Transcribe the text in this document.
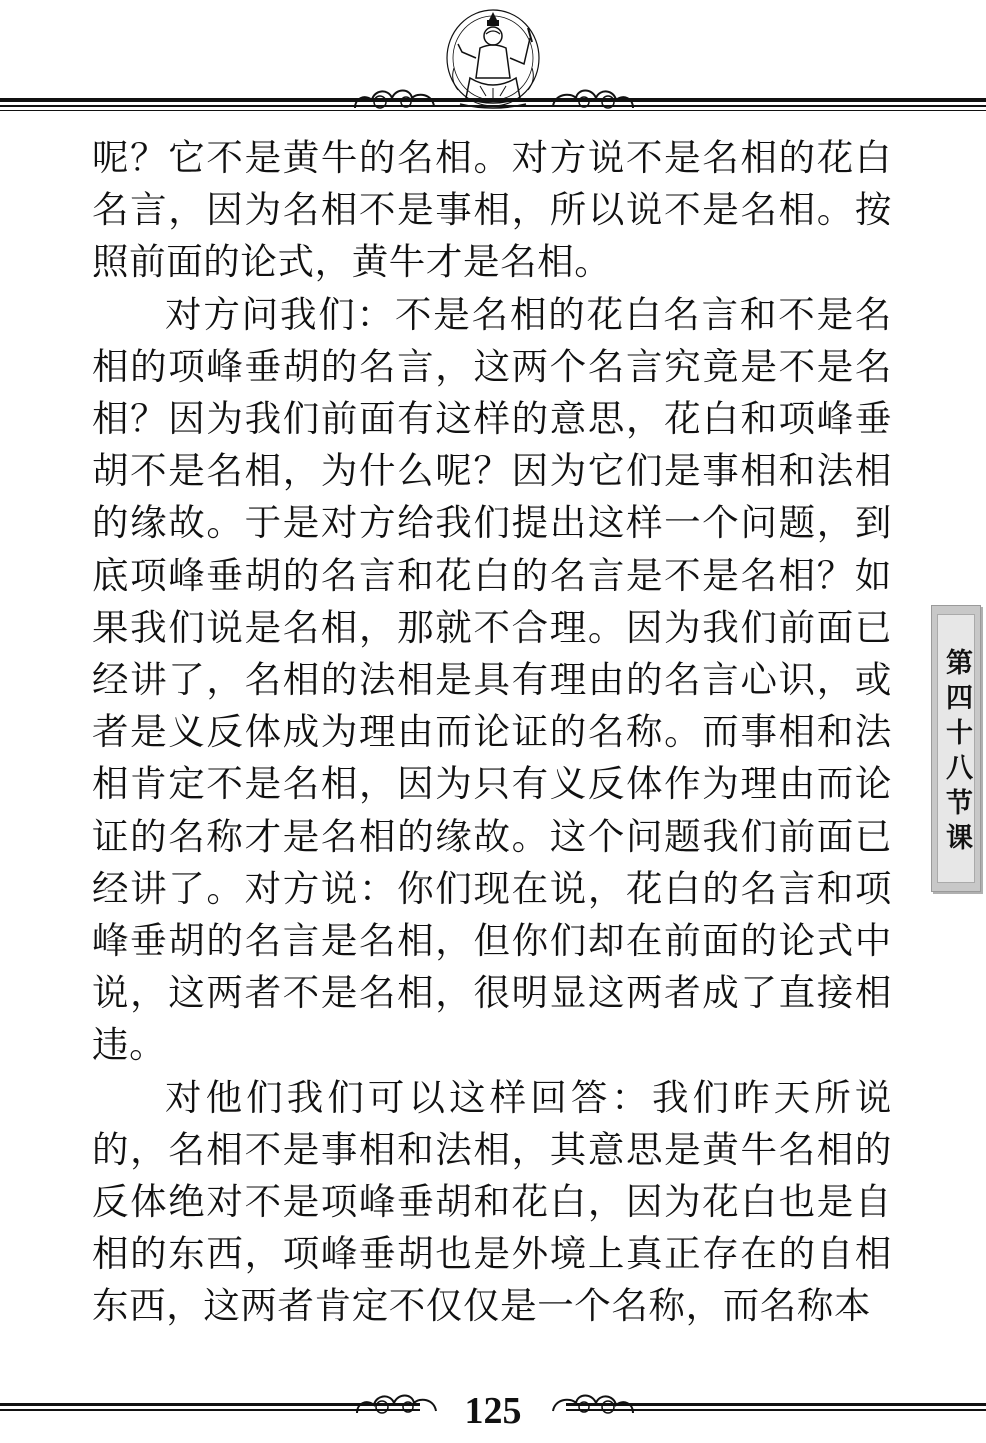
呢？它不是黄牛的名相。对方说不是名相的花白名言，因为名相不是事相，所以说不是名相。按照前面的论式，黄牛才是名相。

对方问我们：不是名相的花白名言和不是名相的项峰垂胡的名言，这两个名言究竟是不是名相？因为我们前面有这样的意思，花白和项峰垂胡不是名相，为什么呢？因为它们是事相和法相的缘故。于是对方给我们提出这样一个问题，到底项峰垂胡的名言和花白的名言是不是名相？如果我们说是名相，那就不合理。因为我们前面已经讲了，名相的法相是具有理由的名言心识，或者是义反体成为理由而论证的名称。而事相和法相肯定不是名相，因为只有义反体作为理由而论证的名称才是名相的缘故。这个问题我们前面已经讲了。对方说：你们现在说，花白的名言和项峰垂胡的名言是名相，但你们却在前面的论式中说，这两者不是名相，很明显这两者成了直接相违。

对他们我们可以这样回答：我们昨天所说的，名相不是事相和法相，其意思是黄牛名相的反体绝对不是项峰垂胡和花白，因为花白也是自相的东西，项峰垂胡也是外境上真正存在的自相东西，这两者肯定不仅仅是一个名称，而名称本

第四十八节课
125
